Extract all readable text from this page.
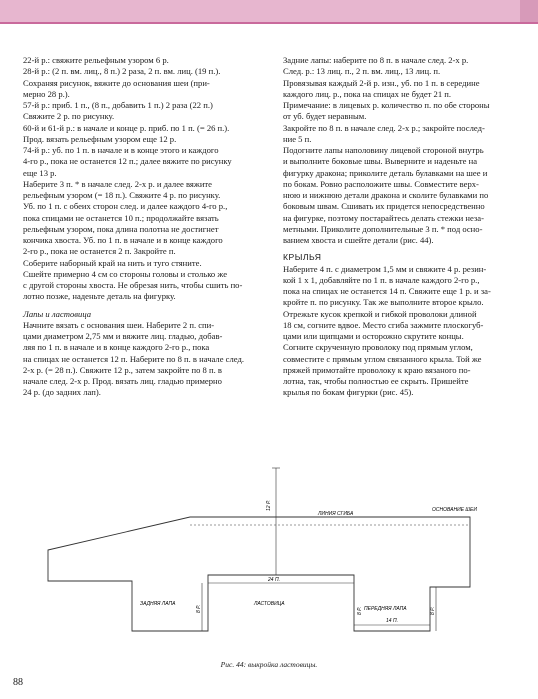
22-й р.: свяжите рельефным узором 6 р.

28-й р.: (2 п. вм. лиц., 8 п.) 2 раза, 2 п. вм. лиц. (19 п.).

Сохраняя рисунок, вяжите до основания шеи (при-

мерно 28 р.).

57-й р.: приб. 1 п., (8 п., добавить 1 п.) 2 раза (22 п.)

Свяжите 2 р. по рисунку.

60-й и 61-й р.: в начале и конце р. приб. по 1 п. (= 26 п.).

Прод. вязать рельефным узором еще 12 р.

74-й р.: уб. по 1 п. в начале и в конце этого и каждого

4-го р., пока не останется 12 п.; далее вяжите по рисунку

еще 13 р.

Наберите 3 п. * в начале след. 2-х р. и далее вяжите

рельефным узором (= 18 п.). Свяжите 4 р. по рисунку.

Уб. по 1 п. с обеих сторон след. и далее каждого 4-го р.,

пока спицами не останется 10 п.; продолжайте вязать

рельефным узором, пока длина полотна не достигнет

кончика хвоста. Уб. по 1 п. в начале и в конце каждого

2-го р., пока не останется 2 п. Закройте п.

Соберите наборный край на нить и туго стяните.

Сшейте примерно 4 см со стороны головы и столько же

с другой стороны хвоста. Не обрезая нить, чтобы сшить по-

лотно позже, наденьте деталь на фигурку.

Лапы и ластовица

Начните вязать с основания шеи. Наберите 2 п. спи-

цами диаметром 2,75 мм и вяжите лиц. гладью, добав-

ляя по 1 п. в начале и в конце каждого 2-го р., пока

на спицах не останется 12 п. Наберите по 8 п. в начале след.

2-х р. (= 28 п.). Свяжите 12 р., затем закройте по 8 п. в

начале след. 2-х р. Прод. вязать лиц. гладью примерно

24 р. (до задних лап).

Задние лапы: наберите по 8 п. в начале след. 2-х р.

След. р.: 13 лиц. п., 2 п. вм. лиц., 13 лиц. п.

Провязывая каждый 2-й р. изн., уб. по 1 п. в середине

каждого лиц. р., пока на спицах не будет 21 п.

Примечание: в лицевых р. количество п. по обе стороны

от уб. будет неравным.

Закройте по 8 п. в начале след. 2-х р.; закройте послед-

ние 5 п.

Подогните лапы наполовину лицевой стороной внутрь

и выполните боковые швы. Выверните и наденьте на

фигурку дракона; приколите деталь булавками на шее и

по бокам. Ровно расположите швы. Совместите верх-

нюю и нижнюю детали дракона и сколите булавками по

боковым швам. Сшивать их придется непосредственно

на фигурке, поэтому постарайтесь делать стежки неза-

метными. Приколите дополнительные 3 п. * под осно-

ванием хвоста и сшейте детали (рис. 44).

КРЫЛЬЯ

Наберите 4 п. с диаметром 1,5 мм и свяжите 4 р. резин-

кой 1 х 1, добавляйте по 1 п. в начале каждого 2-го р.,

пока на спицах не останется 14 п. Свяжите еще 1 р. и за-

кройте п. по рисунку. Так же выполните второе крыло.

Отрежьте кусок крепкой и гибкой проволоки длиной

18 см, согните вдвое. Место сгиба зажмите плоскогуб-

цами или щипцами и осторожно скрутите концы.

Согните скрученную проволоку под прямым углом,

совместите с прямым углом связанного крыла. Той же

пряжей примотайте проволоку к краю вязаного по-

лотна, так, чтобы полностью ее скрыть. Пришейте

крылья по бокам фигурки (рис. 45).

ЛИНИЯ СГИБА
ОСНОВАНИЕ ШЕИ
12 Р.
24 П.
ЗАДНЯЯ ЛАПА	ЛАСТОВИЦА
ПЕРЕДНЯЯ ЛАПА
8 Р.	8 Р.	8 Р.
14 П.
Рис. 44: выкройка ластовицы.
88
